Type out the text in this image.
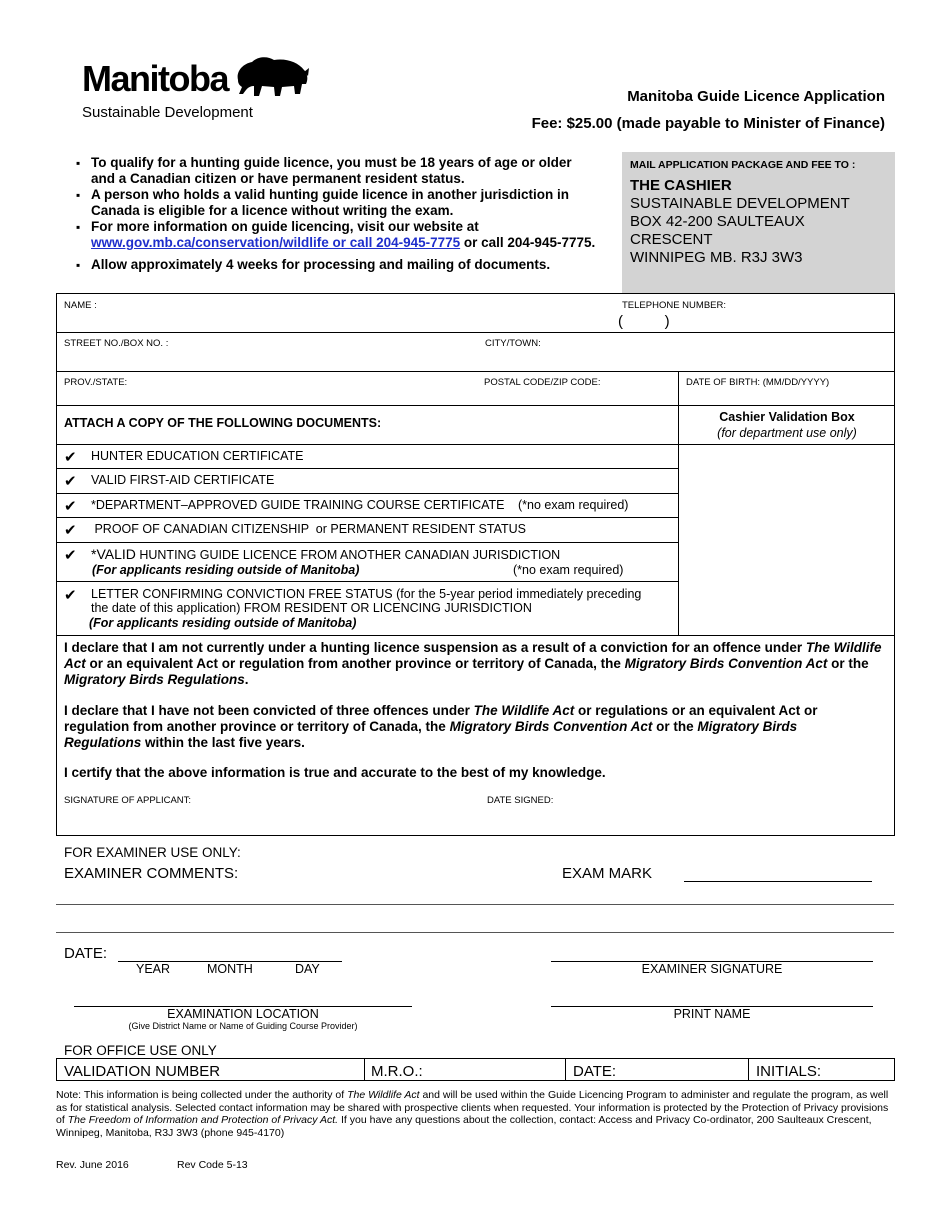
Manitoba
Sustainable Development
Manitoba Guide Licence Application
Fee: $25.00 (made payable to Minister of Finance)
▪ To qualify for a hunting guide licence, you must be 18 years of age or older and a Canadian citizen or have permanent resident status.
▪ A person who holds a valid hunting guide licence in another jurisdiction in Canada is eligible for a licence without writing the exam.
▪ For more information on guide licencing, visit our website at www.gov.mb.ca/conservation/wildlife or call 204-945-7775 or call 204-945-7775.
▪ Allow approximately 4 weeks for processing and mailing of documents.
MAIL APPLICATION PACKAGE AND FEE TO :
THE CASHIER
SUSTAINABLE DEVELOPMENT
BOX 42-200 SAULTEAUX
CRESCENT
WINNIPEG MB. R3J 3W3
NAME :	TELEPHONE NUMBER:
(          )
STREET NO./BOX NO. :	CITY/TOWN:
PROV./STATE:	POSTAL CODE/ZIP CODE:	DATE OF BIRTH: (MM/DD/YYYY)
ATTACH A COPY OF THE FOLLOWING DOCUMENTS:	Cashier Validation Box
(for department use only)
✔ HUNTER EDUCATION CERTIFICATE
✔ VALID FIRST-AID CERTIFICATE
✔ *DEPARTMENT–APPROVED GUIDE TRAINING COURSE CERTIFICATE (*no exam required)
✔ PROOF OF CANADIAN CITIZENSHIP  or PERMANENT RESIDENT STATUS
✔ *VALID HUNTING GUIDE LICENCE FROM ANOTHER CANADIAN JURISDICTION
(For applicants residing outside of Manitoba)	(*no exam required)
✔ LETTER CONFIRMING CONVICTION FREE STATUS (for the 5-year period immediately preceding
the date of this application) FROM RESIDENT OR LICENCING JURISDICTION
(For applicants residing outside of Manitoba)
I declare that I am not currently under a hunting licence suspension as a result of a conviction for an offence under The Wildlife Act or an equivalent Act or regulation from another province or territory of Canada, the Migratory Birds Convention Act or the Migratory Birds Regulations.
I declare that I have not been convicted of three offences under The Wildlife Act or regulations or an equivalent Act or regulation from another province or territory of Canada, the Migratory Birds Convention Act or the Migratory Birds Regulations within the last five years.
I certify that the above information is true and accurate to the best of my knowledge.
SIGNATURE OF APPLICANT:	DATE SIGNED:
FOR EXAMINER USE ONLY:
EXAMINER COMMENTS:	EXAM MARK
DATE:
YEAR	MONTH	DAY	EXAMINER SIGNATURE
EXAMINATION LOCATION
(Give District Name or Name of Guiding Course Provider)
PRINT NAME
FOR OFFICE USE ONLY
VALIDATION NUMBER	M.R.O.:	DATE:	INITIALS:
Note: This information is being collected under the authority of The Wildlife Act and will be used within the Guide Licencing Program to administer and regulate the program, as well as for statistical analysis. Selected contact information may be shared with prospective clients when requested. Your information is protected by the Protection of Privacy provisions of The Freedom of Information and Protection of Privacy Act. If you have any questions about the collection, contact: Access and Privacy Co-ordinator, 200 Saulteaux Crescent, Winnipeg, Manitoba, R3J 3W3 (phone 945-4170)
Rev. June 2016	Rev Code 5-13
